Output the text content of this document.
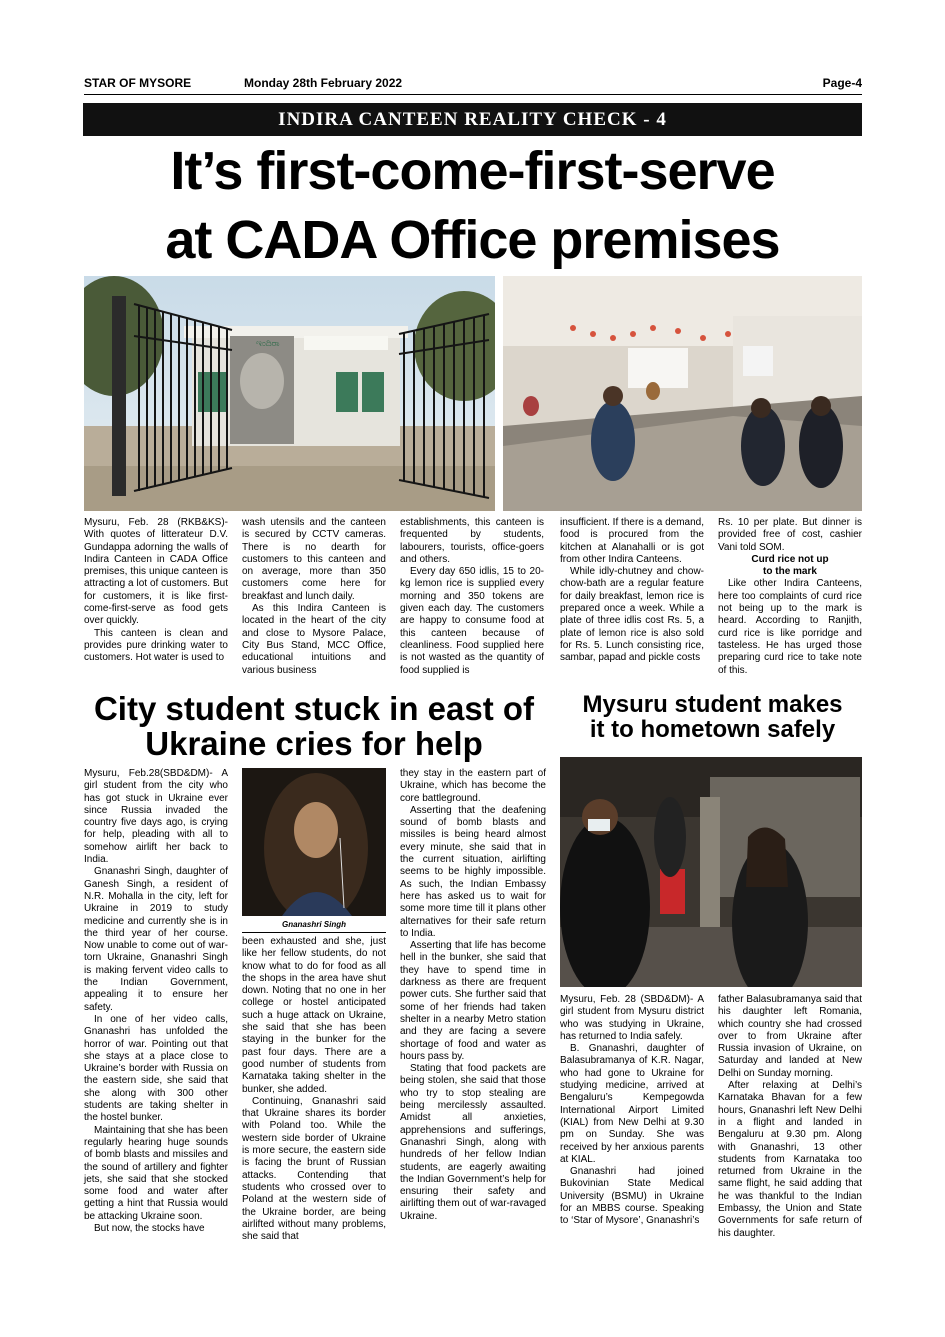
STAR OF MYSORE	Monday 28th February 2022	Page-4
INDIRA CANTEEN REALITY CHECK - 4
It’s first-come-first-serve
at CADA Office premises
ಇಂದಿರಾ

Mysuru, Feb. 28 (RKB&KS)- With quotes of litterateur D.V. Gundappa adorning the walls of Indira Canteen in CADA Office premises, this unique canteen is attracting a lot of customers. But for customers, it is like first-come-first-serve as food gets over quickly.

This canteen is clean and provides pure drinking water to customers. Hot water is used to

wash utensils and the canteen is secured by CCTV cameras. There is no dearth for customers to this canteen and on average, more than 350 customers come here for breakfast and lunch daily.

As this Indira Canteen is located in the heart of the city and close to Mysore Palace, City Bus Stand, MCC Office, educational intuitions and various business

establishments, this canteen is frequented by students, labourers, tourists, office-goers and others.

Every day 650 idlis, 15 to 20-kg lemon rice is supplied every morning and 350 tokens are given each day. The customers are happy to consume food at this canteen because of cleanliness. Food supplied here is not wasted as the quantity of food supplied is

insufficient. If there is a demand, food is procured from the kitchen at Alanahalli or is got from other Indira Canteens.

While idly-chutney and chow-chow-bath are a regular feature for daily breakfast, lemon rice is prepared once a week. While a plate of three idlis cost Rs. 5, a plate of lemon rice is also sold for Rs. 5. Lunch consisting rice, sambar, papad and pickle costs

Rs. 10 per plate. But dinner is provided free of cost, cashier Vani told SOM.

Curd rice not up
to the mark

Like other Indira Canteens, here too complaints of curd rice not being up to the mark is heard. According to Ranjith, curd rice is like porridge and tasteless. He has urged those preparing curd rice to take note of this.

City student stuck in east of
Ukraine cries for help

Mysuru, Feb.28(SBD&DM)- A girl student from the city who has got stuck in Ukraine ever since Russia invaded the country five days ago, is crying for help, pleading with all to somehow airlift her back to India.

Gnanashri Singh, daughter of Ganesh Singh, a resident of N.R. Mohalla in the city, left for Ukraine in 2019 to study medicine and currently she is in the third year of her course. Now unable to come out of war-torn Ukraine, Gnanashri Singh is making fervent video calls to the Indian Government, appealing it to ensure her safety.

In one of her video calls, Gnanashri has unfolded the horror of war. Pointing out that she stays at a place close to Ukraine’s border with Russia on the eastern side, she said that she along with 300 other students are taking shelter in the hostel bunker.

Maintaining that she has been regularly hearing huge sounds of bomb blasts and missiles and the sound of artillery and fighter jets, she said that she stocked some food and water after getting a hint that Russia would be attacking Ukraine soon.

But now, the stocks have

Gnanashri Singh

been exhausted and she, just like her fellow students, do not know what to do for food as all the shops in the area have shut down. Noting that no one in her college or hostel anticipated such a huge attack on Ukraine, she said that she has been staying in the bunker for the past four days. There are a good number of students from Karnataka taking shelter in the bunker, she added.

Continuing, Gnanashri said that Ukraine shares its border with Poland too. While the western side border of Ukraine is more secure, the eastern side is facing the brunt of Russian attacks. Contending that students who crossed over to Poland at the western side of the Ukraine border, are being airlifted without many problems, she said that

they stay in the eastern part of Ukraine, which has become the core battleground.

Asserting that the deafening sound of bomb blasts and missiles is being heard almost every minute, she said that in the current situation, airlifting seems to be highly impossible. As such, the Indian Embassy here has asked us to wait for some more time till it plans other alternatives for their safe return to India.

Asserting that life has become hell in the bunker, she said that they have to spend time in darkness as there are frequent power cuts. She further said that some of her friends had taken shelter in a nearby Metro station and they are facing a severe shortage of food and water as hours pass by.

Stating that food packets are being stolen, she said that those who try to stop stealing are being mercilessly assaulted. Amidst all anxieties, apprehensions and sufferings, Gnanashri Singh, along with hundreds of her fellow Indian students, are eagerly awaiting the Indian Government’s help for ensuring their safety and airlifting them out of war-ravaged Ukraine.

Mysuru student makes
it to hometown safely

Mysuru, Feb. 28 (SBD&DM)- A girl student from Mysuru district who was studying in Ukraine, has returned to India safely.

B. Gnanashri, daughter of Balasubramanya of K.R. Nagar, who had gone to Ukraine for studying medicine, arrived at Bengaluru’s Kempegowda International Airport Limited (KIAL) from New Delhi at 9.30 pm on Sunday. She was received by her anxious parents at KIAL.

Gnanashri had joined Bukovinian State Medical University (BSMU) in Ukraine for an MBBS course. Speaking to ‘Star of Mysore’, Gnanashri’s

father Balasubramanya said that his daughter left Romania, which country she had crossed over to from Ukraine after Russia invasion of Ukraine, on Saturday and landed at New Delhi on Sunday morning.

After relaxing at Delhi’s Karnataka Bhavan for a few hours, Gnanashri left New Delhi in a flight and landed in Bengaluru at 9.30 pm. Along with Gnanashri, 13 other students from Karnataka too returned from Ukraine in the same flight, he said adding that he was thankful to the Indian Embassy, the Union and State Governments for safe return of his daughter.
